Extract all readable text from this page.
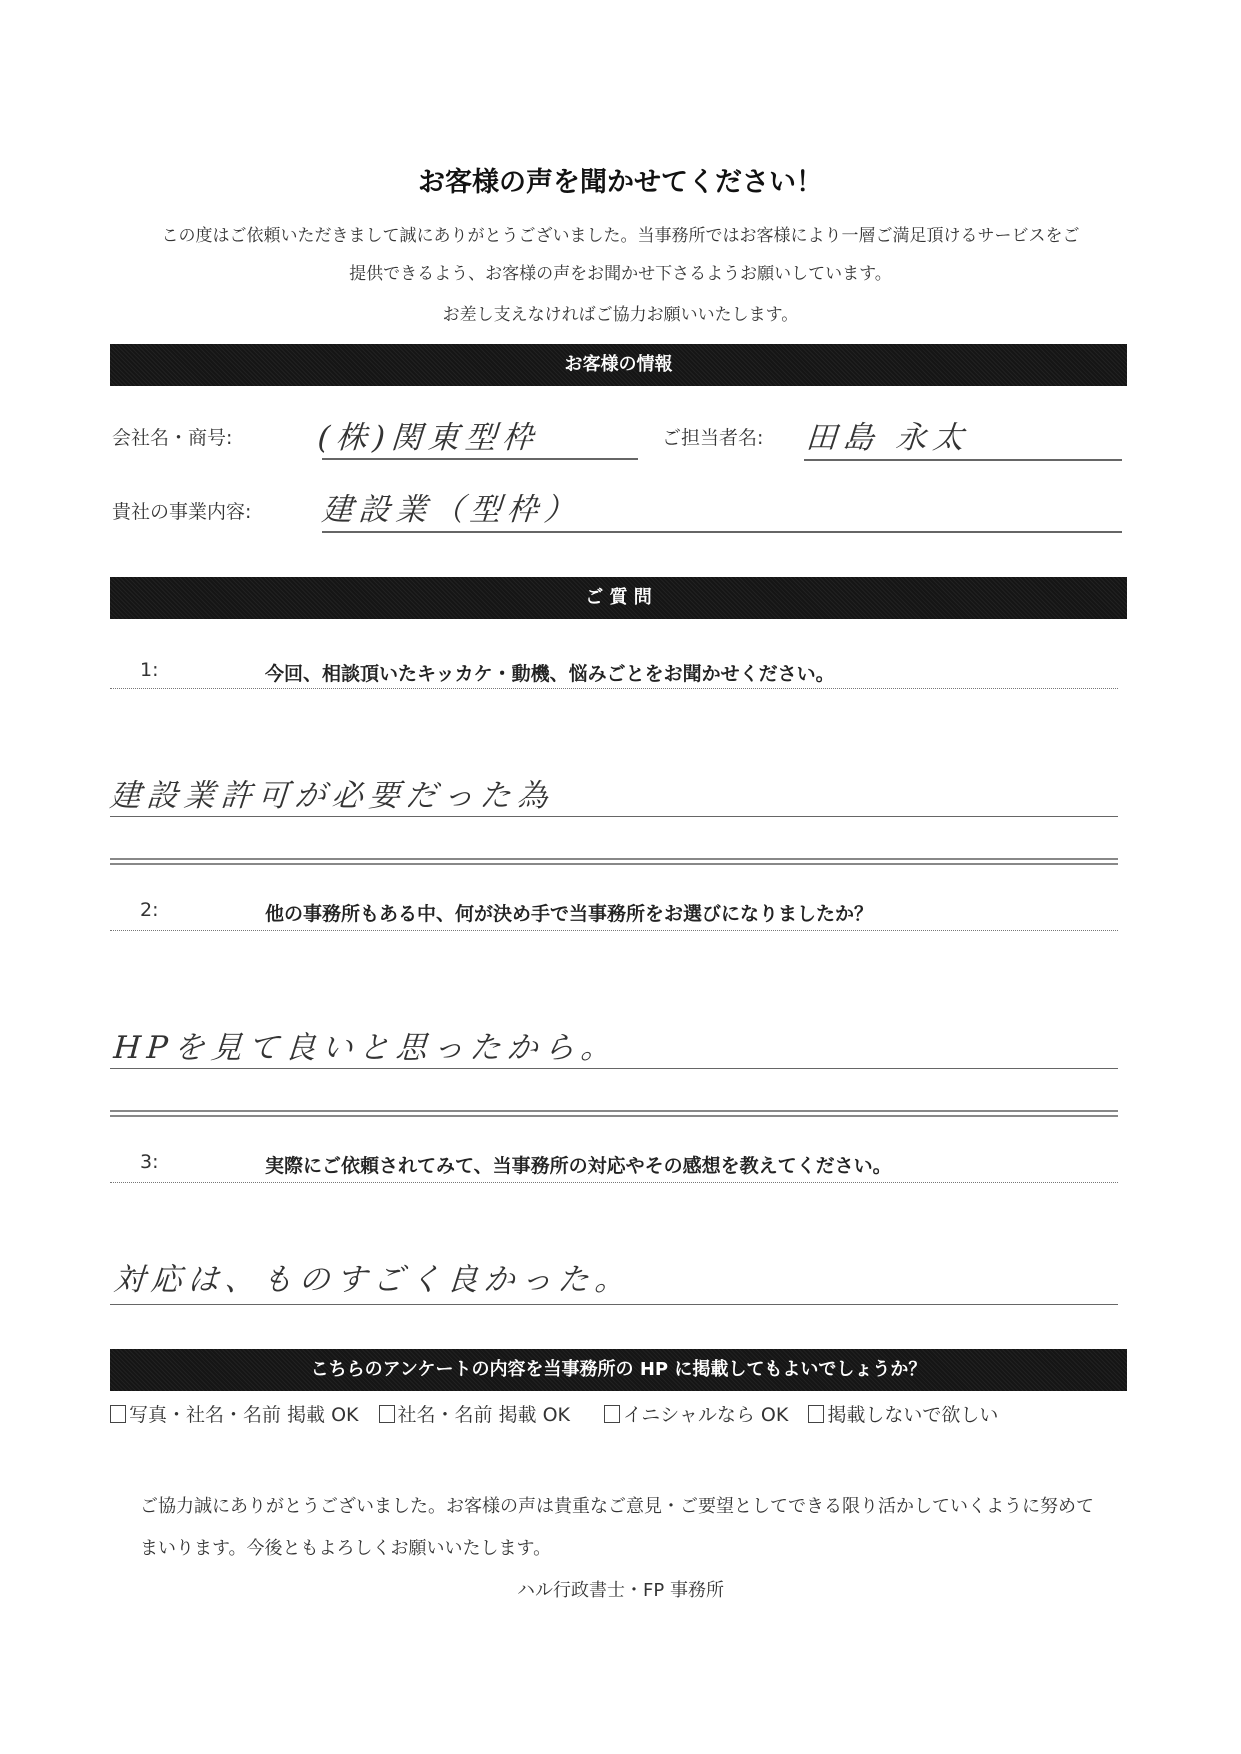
お客様の声を聞かせてください！
この度はご依頼いただきまして誠にありがとうございました。当事務所ではお客様により一層ご満足頂けるサービスをご
提供できるよう、お客様の声をお聞かせ下さるようお願いしています。
お差し支えなければご協力お願いいたします。
お客様の情報
会社名・商号:	(株)関東型枠	ご担当者名: 田島 永太
貴社の事業内容: 建設業（型枠）
ご 質 問
1:	今回、相談頂いたキッカケ・動機、悩みごとをお聞かせください。
建設業許可が必要だった為
2:	他の事務所もある中、何が決め手で当事務所をお選びになりましたか？
HPを見て良いと思ったから。
3:	実際にご依頼されてみて、当事務所の対応やその感想を教えてください。
対応は、ものすごく良かった。
こちらのアンケートの内容を当事務所の HP に掲載してもよいでしょうか？
写真・社名・名前 掲載 OK	社名・名前 掲載 OK	イニシャルなら OK	掲載しないで欲しい
ご協力誠にありがとうございました。お客様の声は貴重なご意見・ご要望としてできる限り活かしていくように努めて
まいります。今後ともよろしくお願いいたします。
ハル行政書士・FP 事務所
